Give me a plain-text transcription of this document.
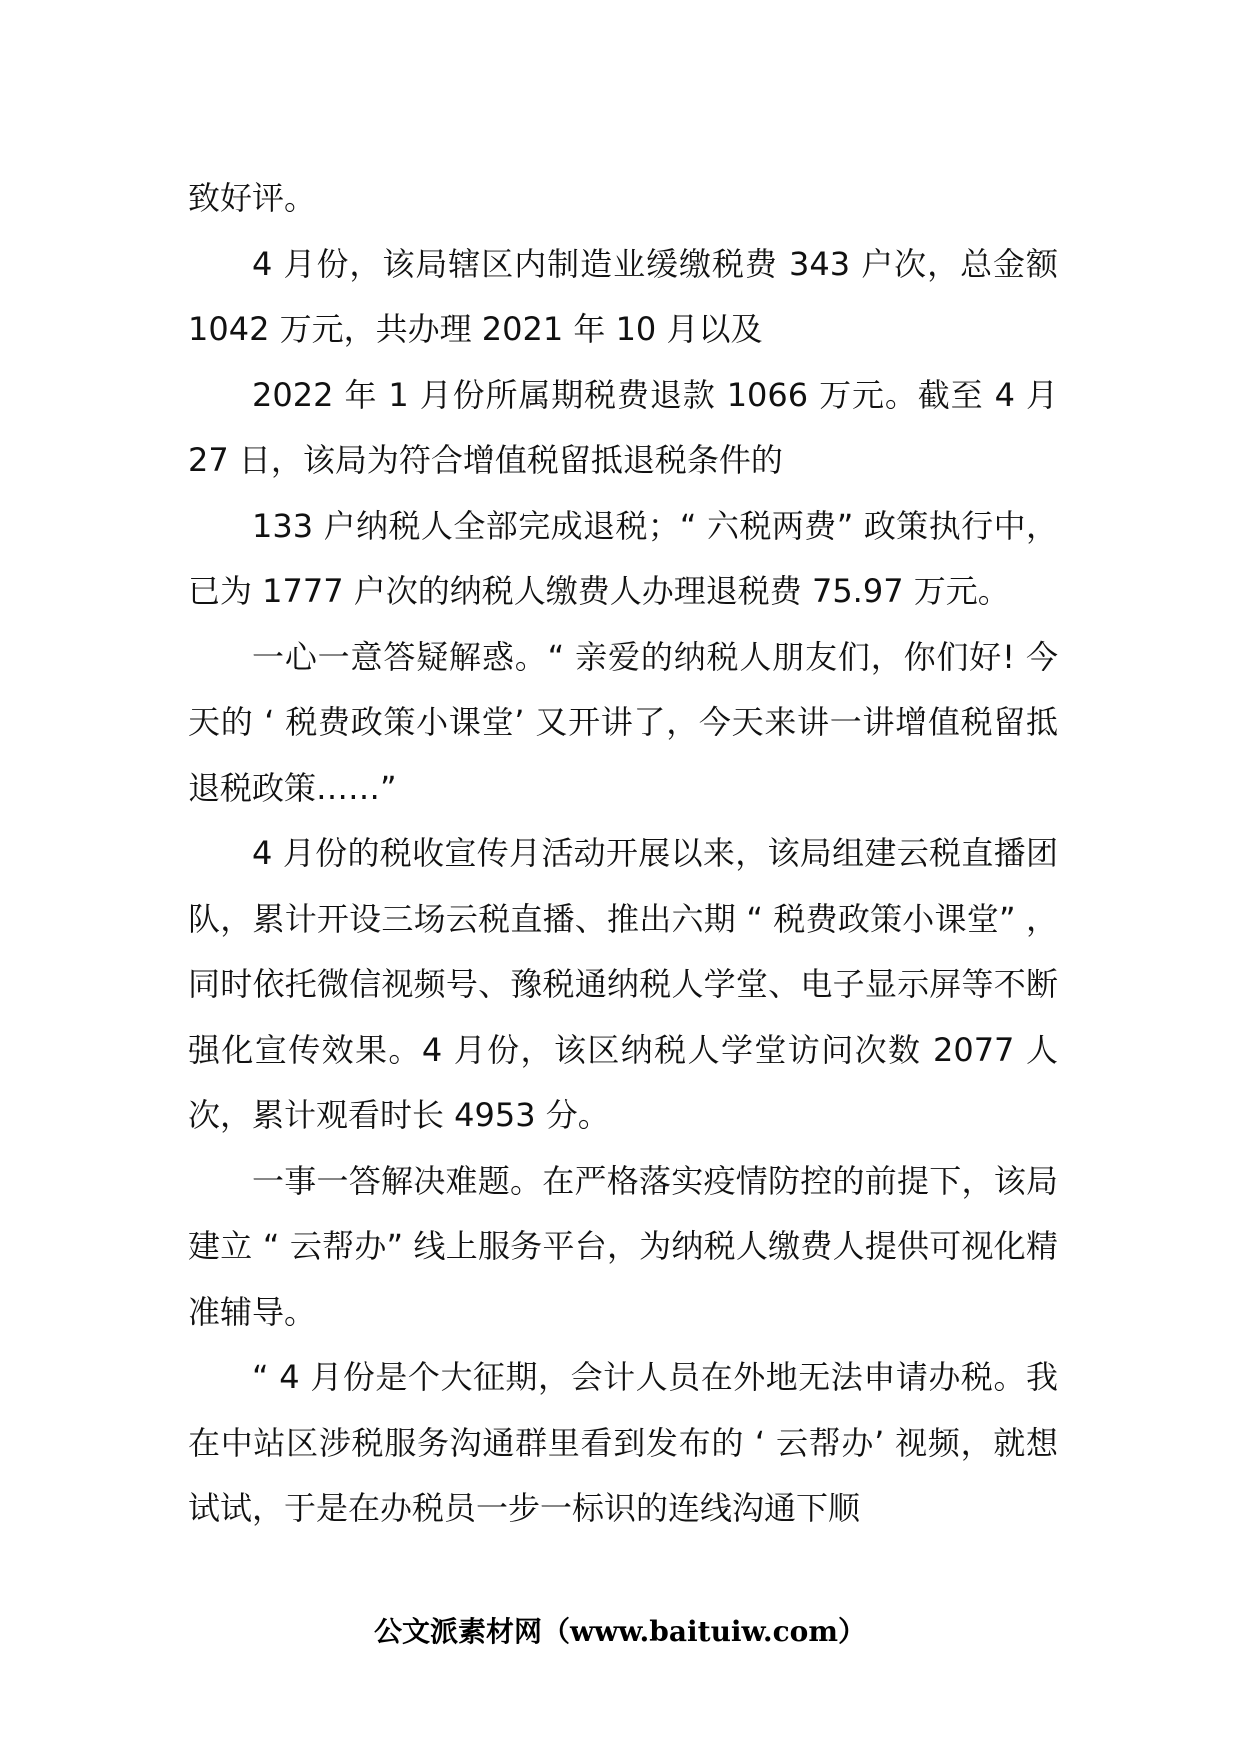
致好评。

4 月份，该局辖区内制造业缓缴税费 343 户次，总金额 1042 万元，共办理 2021 年 10 月以及

2022 年 1 月份所属期税费退款 1066 万元。截至 4 月 27 日，该局为符合增值税留抵退税条件的

133 户纳税人全部完成退税；“ 六税两费” 政策执行中，已为 1777 户次的纳税人缴费人办理退税费 75.97 万元。

一心一意答疑解惑。“ 亲爱的纳税人朋友们，你们好! 今天的 ‘ 税费政策小课堂’ 又开讲了，今天来讲一讲增值税留抵退税政策……”

4 月份的税收宣传月活动开展以来，该局组建云税直播团队，累计开设三场云税直播、推出六期 “ 税费政策小课堂” ，同时依托微信视频号、豫税通纳税人学堂、电子显示屏等不断强化宣传效果。4 月份，该区纳税人学堂访问次数 2077 人次，累计观看时长 4953 分。

一事一答解决难题。在严格落实疫情防控的前提下，该局建立 “ 云帮办” 线上服务平台，为纳税人缴费人提供可视化精准辅导。

“ 4 月份是个大征期，会计人员在外地无法申请办税。我在中站区涉税服务沟通群里看到发布的 ‘ 云帮办’ 视频，就想试试，于是在办税员一步一标识的连线沟通下顺

公文派素材网（www.baituiw.com）
